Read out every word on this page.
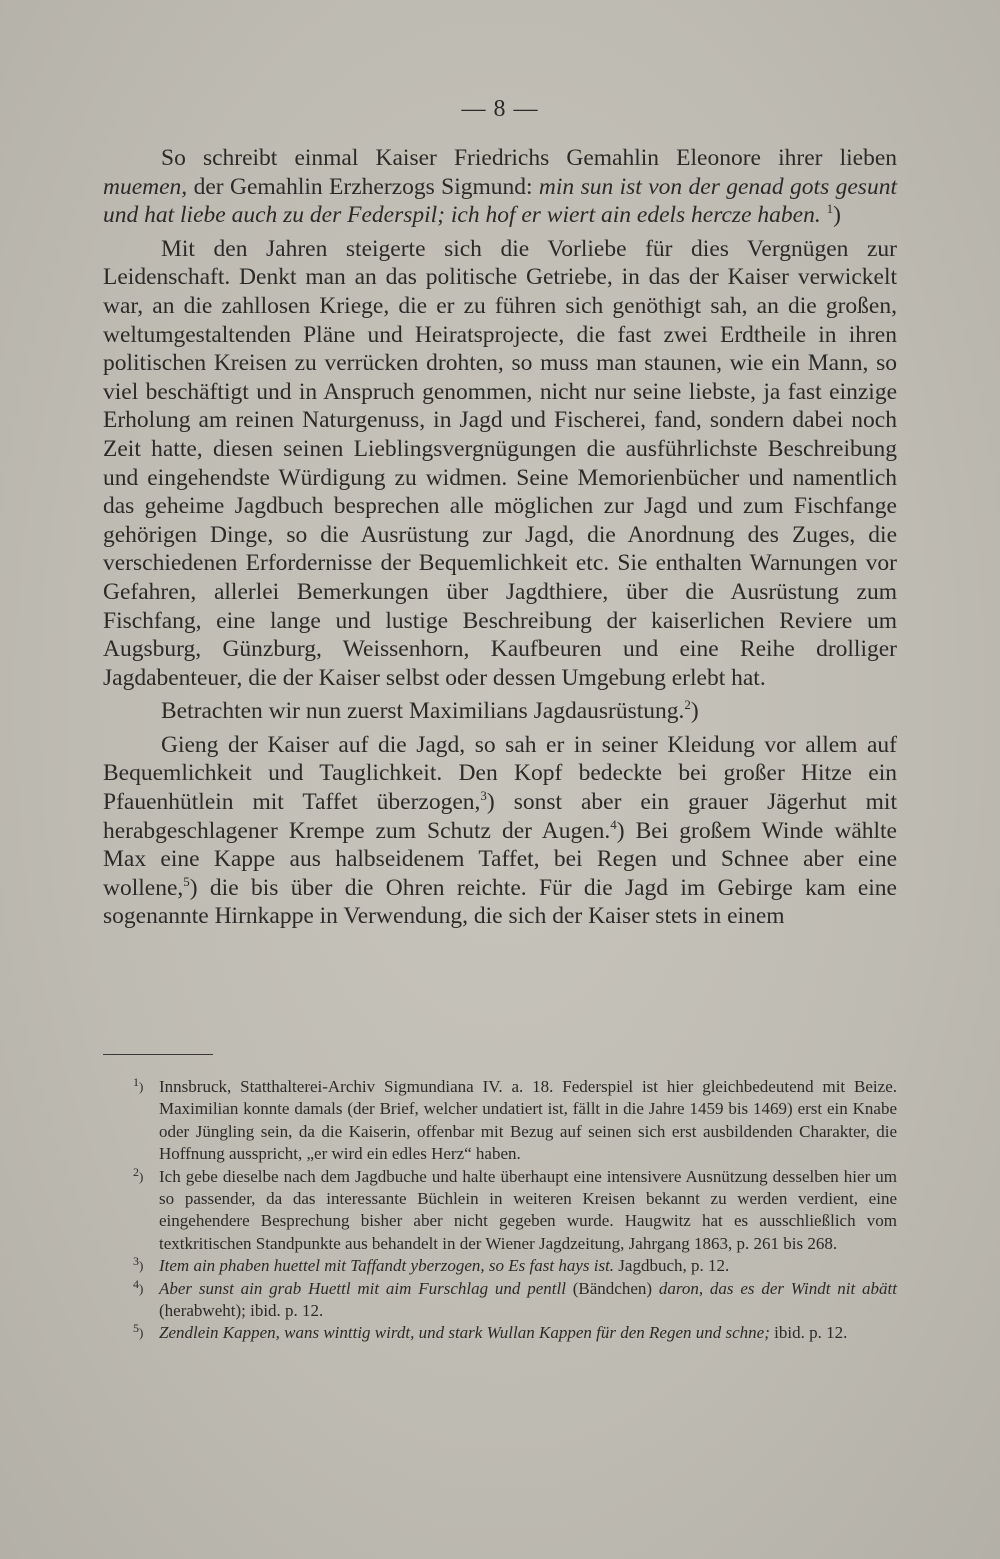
— 8 —

So schreibt einmal Kaiser Friedrichs Gemahlin Eleonore ihrer lieben muemen, der Gemahlin Erzherzogs Sigmund: min sun ist von der genad gots gesunt und hat liebe auch zu der Federspil; ich hof er wiert ain edels hercze haben. $^1$)

Mit den Jahren steigerte sich die Vorliebe für dies Vergnügen zur Leidenschaft. Denkt man an das politische Getriebe, in das der Kaiser verwickelt war, an die zahllosen Kriege, die er zu führen sich genöthigt sah, an die großen, weltumgestaltenden Pläne und Heiratsprojecte, die fast zwei Erdtheile in ihren politischen Kreisen zu verrücken drohten, so muss man staunen, wie ein Mann, so viel beschäftigt und in Anspruch genommen, nicht nur seine liebste, ja fast einzige Erholung am reinen Naturgenuss, in Jagd und Fischerei, fand, sondern dabei noch Zeit hatte, diesen seinen Lieblingsvergnügungen die ausführlichste Beschreibung und eingehendste Würdigung zu widmen. Seine Memorienbücher und namentlich das geheime Jagdbuch besprechen alle möglichen zur Jagd und zum Fischfange gehörigen Dinge, so die Ausrüstung zur Jagd, die Anordnung des Zuges, die verschiedenen Erfordernisse der Bequemlichkeit etc. Sie enthalten Warnungen vor Gefahren, allerlei Bemerkungen über Jagdthiere, über die Ausrüstung zum Fischfang, eine lange und lustige Beschreibung der kaiserlichen Reviere um Augsburg, Günzburg, Weissenhorn, Kaufbeuren und eine Reihe drolliger Jagdabenteuer, die der Kaiser selbst oder dessen Umgebung erlebt hat.

Betrachten wir nun zuerst Maximilians Jagdausrüstung.$^2$)

Gieng der Kaiser auf die Jagd, so sah er in seiner Kleidung vor allem auf Bequemlichkeit und Tauglichkeit. Den Kopf bedeckte bei großer Hitze ein Pfauenhütlein mit Taffet überzogen,$^3$) sonst aber ein grauer Jägerhut mit herabgeschlagener Krempe zum Schutz der Augen.$^4$) Bei großem Winde wählte Max eine Kappe aus halbseidenem Taffet, bei Regen und Schnee aber eine wollene,$^5$) die bis über die Ohren reichte. Für die Jagd im Gebirge kam eine sogenannte Hirnkappe in Verwendung, die sich der Kaiser stets in einem

$^1$) Innsbruck, Statthalterei-Archiv Sigmundiana IV. a. 18. Federspiel ist hier gleichbedeutend mit Beize. Maximilian konnte damals (der Brief, welcher undatiert ist, fällt in die Jahre 1459 bis 1469) erst ein Knabe oder Jüngling sein, da die Kaiserin, offenbar mit Bezug auf seinen sich erst ausbildenden Charakter, die Hoffnung ausspricht, „er wird ein edles Herz“ haben.

$^2$) Ich gebe dieselbe nach dem Jagdbuche und halte überhaupt eine intensivere Ausnützung desselben hier um so passender, da das interessante Büchlein in weiteren Kreisen bekannt zu werden verdient, eine eingehendere Besprechung bisher aber nicht gegeben wurde. Haugwitz hat es ausschließlich vom textkritischen Standpunkte aus behandelt in der Wiener Jagdzeitung, Jahrgang 1863, p. 261 bis 268.

$^3$) Item ain phaben huettel mit Taffandt yberzogen, so Es fast hays ist. Jagdbuch, p. 12.

$^4$) Aber sunst ain grab Huettl mit aim Furschlag und pentll (Bändchen) daron, das es der Windt nit abätt (herabweht); ibid. p. 12.

$^5$) Zendlein Kappen, wans winttig wirdt, und stark Wullan Kappen für den Regen und schne; ibid. p. 12.
